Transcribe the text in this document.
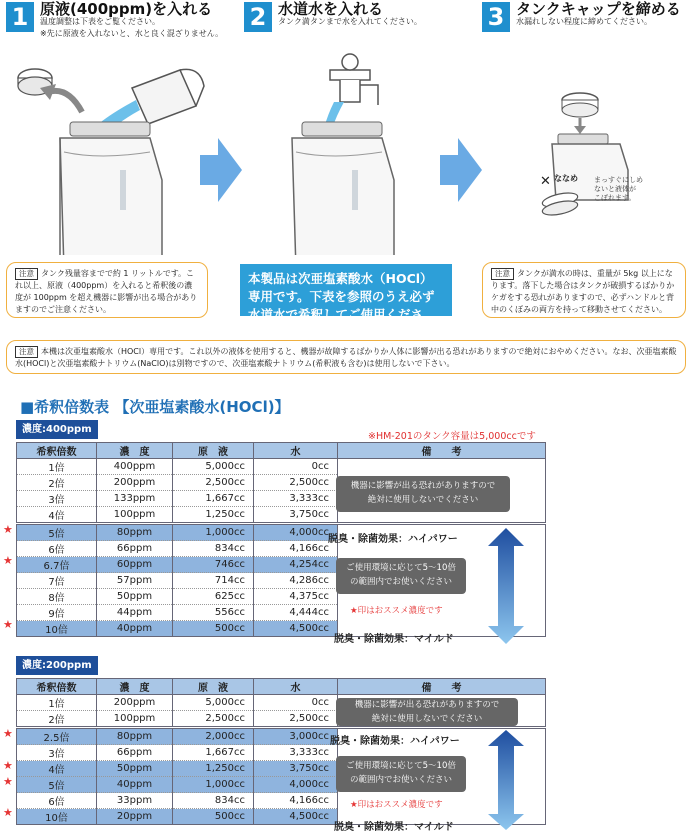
1 原液(400ppm)を入れる
温度調整は下表をご覧ください。
※先に原液を入れないと、水と良く混ざりません。
2 水道水を入れる
タンク満タンまで水を入れてください。	3 タンクキャップを締める
水漏れしない程度に締めてください。
✕ ななめ まっすぐにしめ
ないと液体が
こぼれます。
注意 タンク残量容までで約 1 リットルです。これ以上、原液（400ppm）を入れると希釈後の濃度が 100ppm を超え機器に影響が出る場合がありますのでご注意ください。
本製品は次亜塩素酸水（HOCl）専用です。下表を参照のうえ必ず水道水で希釈してご使用ください。
注意 タンクが満水の時は、重量が 5kg 以上になります。落下した場合はタンクが破損するばかりかケガをする恐れがありますので、必ずハンドルと背中のくぼみの両方を持って移動させてください。
注意 本機は次亜塩素酸水（HOCl）専用です。これ以外の液体を使用すると、機器が故障するばかりか人体に影響が出る恐れがありますので絶対におやめください。なお、次亜塩素酸水(HOCl)と次亜塩素酸ナトリウム(NaClO)は別物ですので、次亜塩素酸ナトリウム(希釈液も含む)は使用しないで下さい。
■希釈倍数表 【次亜塩素酸水(HOCl)】
濃度:400ppm
※HM-201のタンク容量は5,000ccです
希釈倍数	濃　度	原　液	水	備　　考
1倍	400ppm	5,000cc	0cc	
2倍	200ppm	2,500cc	2,500cc	
3倍	133ppm	1,667cc	3,333cc	
4倍	100ppm	1,250cc	3,750cc	
5倍	80ppm	1,000cc	4,000cc	
6倍	66ppm	834cc	4,166cc	
6.7倍	60ppm	746cc	4,254cc	
7倍	57ppm	714cc	4,286cc	
8倍	50ppm	625cc	4,375cc	
9倍	44ppm	556cc	4,444cc	
10倍	40ppm	500cc	4,500cc	
濃度:200ppm
希釈倍数	濃　度	原　液	水	備　　考
1倍	200ppm	5,000cc	0cc	
2倍	100ppm	2,500cc	2,500cc	
2.5倍	80ppm	2,000cc	3,000cc	
3倍	66ppm	1,667cc	3,333cc	
4倍	50ppm	1,250cc	3,750cc	
5倍	40ppm	1,000cc	4,000cc	
6倍	33ppm	834cc	4,166cc	
10倍	20ppm	500cc	4,500cc	
機器に影響が出る恐れがありますので
絶対に使用しないでください
脱臭・除菌効果：ハイパワー
ご使用環境に応じて5〜10倍
の範囲内でお使いください
★印はおススメ濃度です
脱臭・除菌効果：マイルド
機器に影響が出る恐れがありますので
絶対に使用しないでください
脱臭・除菌効果：ハイパワー
ご使用環境に応じて5〜10倍
の範囲内でお使いください
★印はおススメ濃度です
脱臭・除菌効果：マイルド
★
★
★
★
★
★
★
